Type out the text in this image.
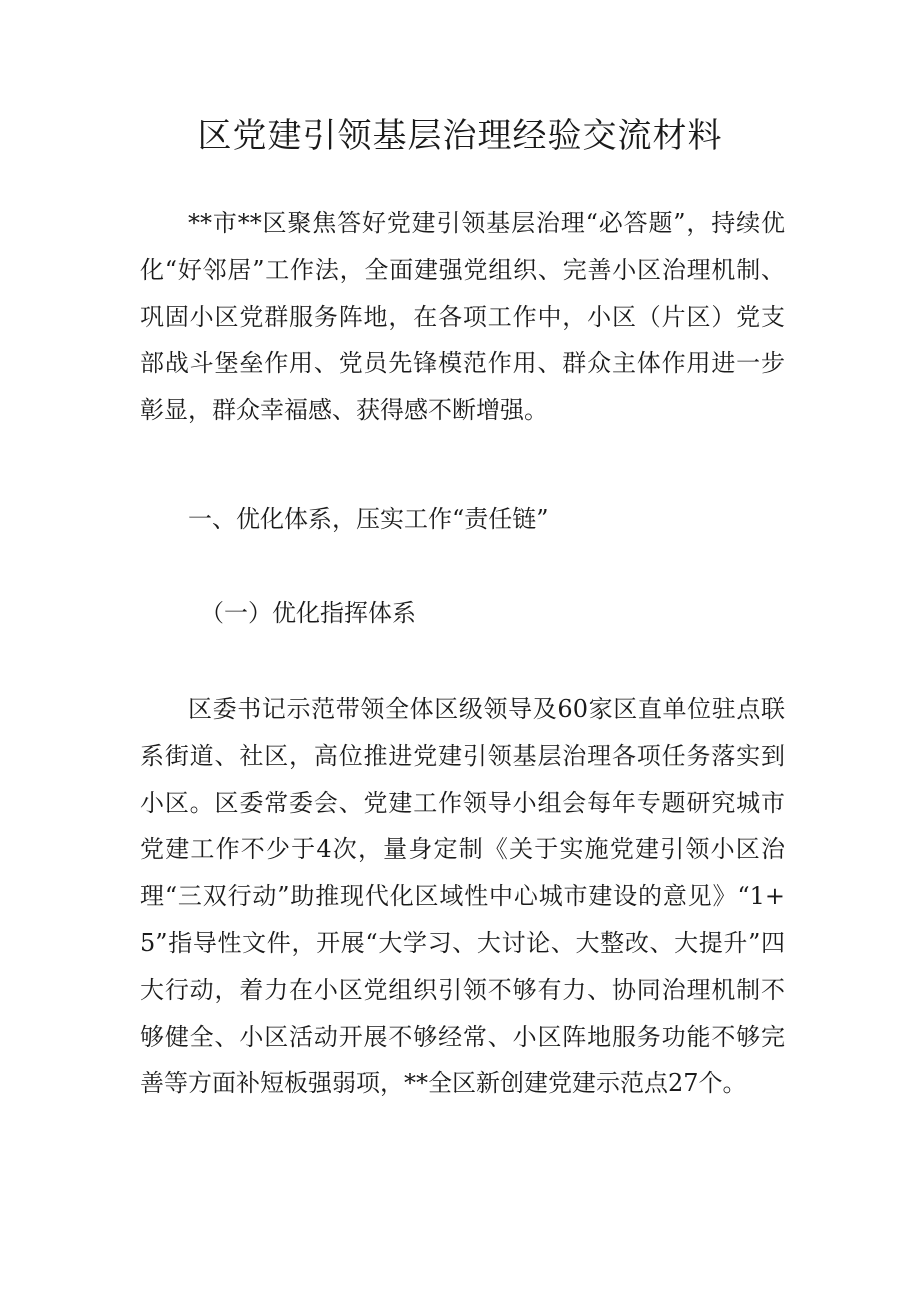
区党建引领基层治理经验交流材料

**市**区聚焦答好党建引领基层治理“必答题”，持续优化“好邻居”工作法，全面建强党组织、完善小区治理机制、巩固小区党群服务阵地，在各项工作中，小区（片区）党支部战斗堡垒作用、党员先锋模范作用、群众主体作用进一步彰显，群众幸福感、获得感不断增强。

一、优化体系，压实工作“责任链”

（一）优化指挥体系

区委书记示范带领全体区级领导及60家区直单位驻点联系街道、社区，高位推进党建引领基层治理各项任务落实到小区。区委常委会、党建工作领导小组会每年专题研究城市党建工作不少于4次，量身定制《关于实施党建引领小区治理“三双行动”助推现代化区域性中心城市建设的意见》“1+5”指导性文件，开展“大学习、大讨论、大整改、大提升”四大行动，着力在小区党组织引领不够有力、协同治理机制不够健全、小区活动开展不够经常、小区阵地服务功能不够完善等方面补短板强弱项，**全区新创建党建示范点27个。
